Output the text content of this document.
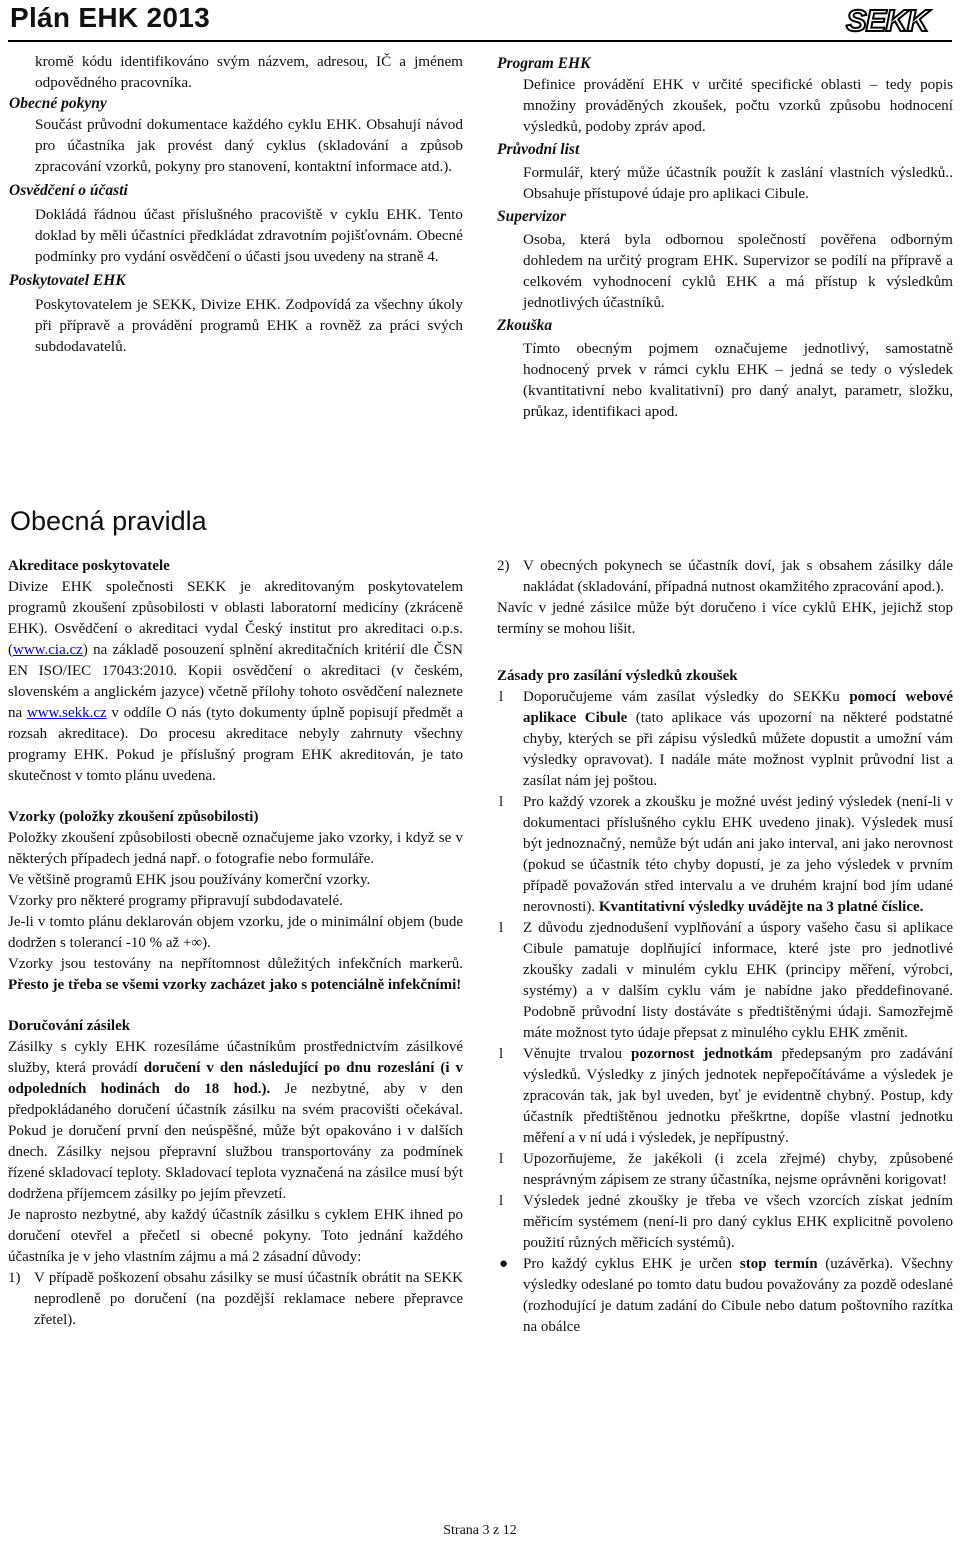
Plán EHK 2013	SEKK

kromě kódu identifikováno svým názvem, adresou, IČ a jménem odpovědného pracovníka.

Obecné pokyny

Součást průvodní dokumentace každého cyklu EHK. Obsahují návod pro účastníka jak provést daný cyklus (skladování a způsob zpracování vzorků, pokyny pro stanovení, kontaktní informace atd.).

Osvědčení o účasti

Dokládá řádnou účast příslušného pracoviště v cyklu EHK. Tento doklad by měli účastníci předkládat zdravotním pojišťovnám. Obecné podmínky pro vydání osvědčení o účasti jsou uvedeny na straně 4.

Poskytovatel EHK

Poskytovatelem je SEKK, Divize EHK. Zodpovídá za všechny úkoly při přípravě a provádění programů EHK a rovněž za práci svých subdodavatelů.

Program EHK

Definice provádění EHK v určité specifické oblasti – tedy popis množiny prováděných zkoušek, počtu vzorků způsobu hodnocení výsledků, podoby zpráv apod.

Průvodní list

Formulář, který může účastník použít k zaslání vlastních výsledků.. Obsahuje přístupové údaje pro aplikaci Cibule.

Supervizor

Osoba, která byla odbornou společností pověřena odborným dohledem na určitý program EHK. Supervizor se podílí na přípravě a celkovém vyhodnocení cyklů EHK a má přístup k výsledkům jednotlivých účastníků.

Zkouška

Tímto obecným pojmem označujeme jednotlivý, samostatně hodnocený prvek v rámci cyklu EHK – jedná se tedy o výsledek (kvantitativní nebo kvalitativní) pro daný analyt, parametr, složku, průkaz, identifikaci apod.

Obecná pravidla

Akreditace poskytovatele

Divize EHK společnosti SEKK je akreditovaným poskytovatelem programů zkoušení způsobilosti v oblasti laboratorní medicíny (zkráceně EHK). Osvědčení o akreditaci vydal Český institut pro akreditaci o.p.s. (www.cia.cz) na základě posouzení splnění akreditačních kritérií dle ČSN EN ISO/IEC 17043:2010. Kopii osvědčení o akreditaci (v českém, slovenském a anglickém jazyce) včetně přílohy tohoto osvědčení naleznete na www.sekk.cz v oddíle O nás (tyto dokumenty úplně popisují předmět a rozsah akreditace). Do procesu akreditace nebyly zahrnuty všechny programy EHK. Pokud je příslušný program EHK akreditován, je tato skutečnost v tomto plánu uvedena.

Vzorky (položky zkoušení způsobilosti)

Položky zkoušení způsobilosti obecně označujeme jako vzorky, i když se v některých případech jedná např. o fotografie nebo formuláře.

Ve většině programů EHK jsou používány komerční vzorky.

Vzorky pro některé programy připravují subdodavatelé.

Je-li v tomto plánu deklarován objem vzorku, jde o minimální objem (bude dodržen s tolerancí -10 % až +∞).

Vzorky jsou testovány na nepřítomnost důležitých infekčních markerů. Přesto je třeba se všemi vzorky zacházet jako s potenciálně infekčními!

Doručování zásilek

Zásilky s cykly EHK rozesíláme účastníkům prostřednictvím zásilkové služby, která provádí doručení v den následující po dnu rozeslání (i v odpoledních hodinách do 18 hod.). Je nezbytné, aby v den předpokládaného doručení účastník zásilku na svém pracovišti očekával. Pokud je doručení první den neúspěšné, může být opakováno i v dalších dnech. Zásilky nejsou přepravní službou transportovány za podmínek řízené skladovací teploty. Skladovací teplota vyznačená na zásilce musí být dodržena příjemcem zásilky po jejím převzetí.

Je naprosto nezbytné, aby každý účastník zásilku s cyklem EHK ihned po doručení otevřel a přečetl si obecné pokyny. Toto jednání každého účastníka je v jeho vlastním zájmu a má 2 zásadní důvody:

1) V případě poškození obsahu zásilky se musí účastník obrátit na SEKK neprodleně po doručení (na pozdější reklamace nebere přepravce zřetel).
2) V obecných pokynech se účastník doví, jak s obsahem zásilky dále nakládat (skladování, případná nutnost okamžitého zpracování apod.).

Navíc v jedné zásilce může být doručeno i více cyklů EHK, jejichž stop termíny se mohou lišit.

Zásady pro zasílání výsledků zkoušek

l Doporučujeme vám zasílat výsledky do SEKKu pomocí webové aplikace Cibule (tato aplikace vás upozorní na některé podstatné chyby, kterých se při zápisu výsledků můžete dopustit a umožní vám výsledky opravovat). I nadále máte možnost vyplnit průvodní list a zasílat nám jej poštou.
l Pro každý vzorek a zkoušku je možné uvést jediný výsledek (není-li v dokumentaci příslušného cyklu EHK uvedeno jinak). Výsledek musí být jednoznačný, nemůže být udán ani jako interval, ani jako nerovnost (pokud se účastník této chyby dopustí, je za jeho výsledek v prvním případě považován střed intervalu a ve druhém krajní bod jím udané nerovnosti). Kvantitativní výsledky uvádějte na 3 platné číslice.
l Z důvodu zjednodušení vyplňování a úspory vašeho času si aplikace Cibule pamatuje doplňující informace, které jste pro jednotlivé zkoušky zadali v minulém cyklu EHK (principy měření, výrobci, systémy) a v dalším cyklu vám je nabídne jako předdefinované. Podobně průvodní listy dostáváte s předtištěnými údaji. Samozřejmě máte možnost tyto údaje přepsat z minulého cyklu EHK změnit.
l Věnujte trvalou pozornost jednotkám předepsaným pro zadávání výsledků. Výsledky z jiných jednotek nepřepočítáváme a výsledek je zpracován tak, jak byl uveden, byť je evidentně chybný. Postup, kdy účastník předtištěnou jednotku přeškrtne, dopíše vlastní jednotku měření a v ní udá i výsledek, je nepřípustný.
l Upozorňujeme, že jakékoli (i zcela zřejmé) chyby, způsobené nesprávným zápisem ze strany účastníka, nejsme oprávněni korigovat!
l Výsledek jedné zkoušky je třeba ve všech vzorcích získat jedním měřicím systémem (není-li pro daný cyklus EHK explicitně povoleno použití různých měřicích systémů).
● Pro každý cyklus EHK je určen stop termín (uzávěrka). Všechny výsledky odeslané po tomto datu budou považovány za pozdě odeslané (rozhodující je datum zadání do Cibule nebo datum poštovního razítka na obálce
Strana 3 z 12
